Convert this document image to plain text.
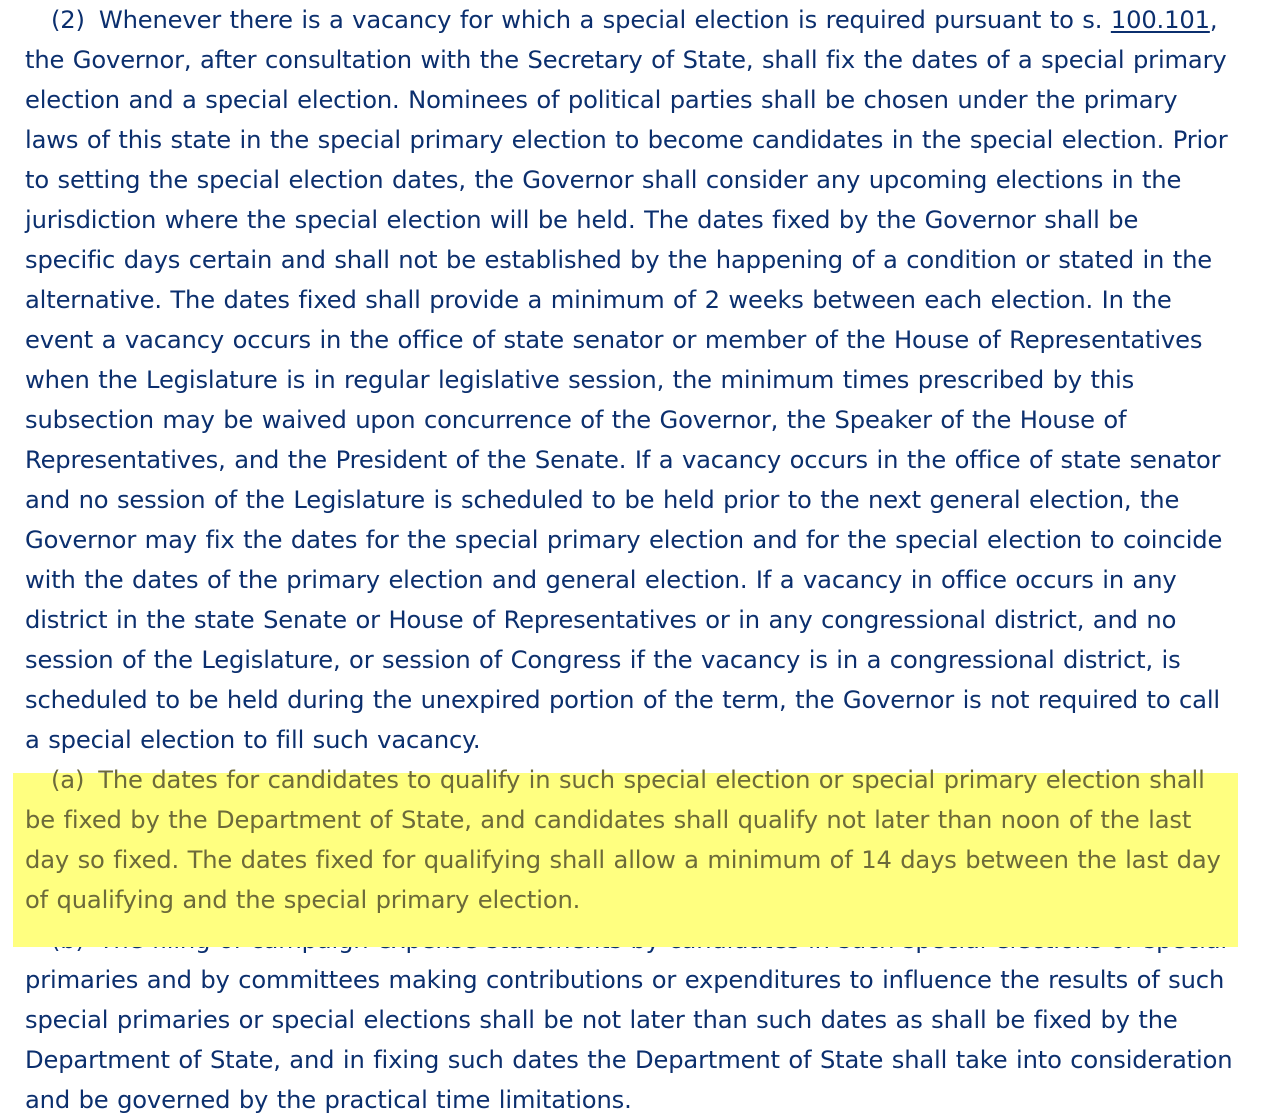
(2) Whenever there is a vacancy for which a special election is required pursuant to s. 100.101, the Governor, after consultation with the Secretary of State, shall fix the dates of a special primary election and a special election. Nominees of political parties shall be chosen under the primary laws of this state in the special primary election to become candidates in the special election. Prior to setting the special election dates, the Governor shall consider any upcoming elections in the jurisdiction where the special election will be held. The dates fixed by the Governor shall be specific days certain and shall not be established by the happening of a condition or stated in the alternative. The dates fixed shall provide a minimum of 2 weeks between each election. In the event a vacancy occurs in the office of state senator or member of the House of Representatives when the Legislature is in regular legislative session, the minimum times prescribed by this subsection may be waived upon concurrence of the Governor, the Speaker of the House of Representatives, and the President of the Senate. If a vacancy occurs in the office of state senator and no session of the Legislature is scheduled to be held prior to the next general election, the Governor may fix the dates for the special primary election and for the special election to coincide with the dates of the primary election and general election. If a vacancy in office occurs in any district in the state Senate or House of Representatives or in any congressional district, and no session of the Legislature, or session of Congress if the vacancy is in a congressional district, is scheduled to be held during the unexpired portion of the term, the Governor is not required to call a special election to fill such vacancy.

(a) The dates for candidates to qualify in such special election or special primary election shall be fixed by the Department of State, and candidates shall qualify not later than noon of the last day so fixed. The dates fixed for qualifying shall allow a minimum of 14 days between the last day of qualifying and the special primary election.

primaries and by committees making contributions or expenditures to influence the results of such special primaries or special elections shall be not later than such dates as shall be fixed by the Department of State, and in fixing such dates the Department of State shall take into consideration and be governed by the practical time limitations.
